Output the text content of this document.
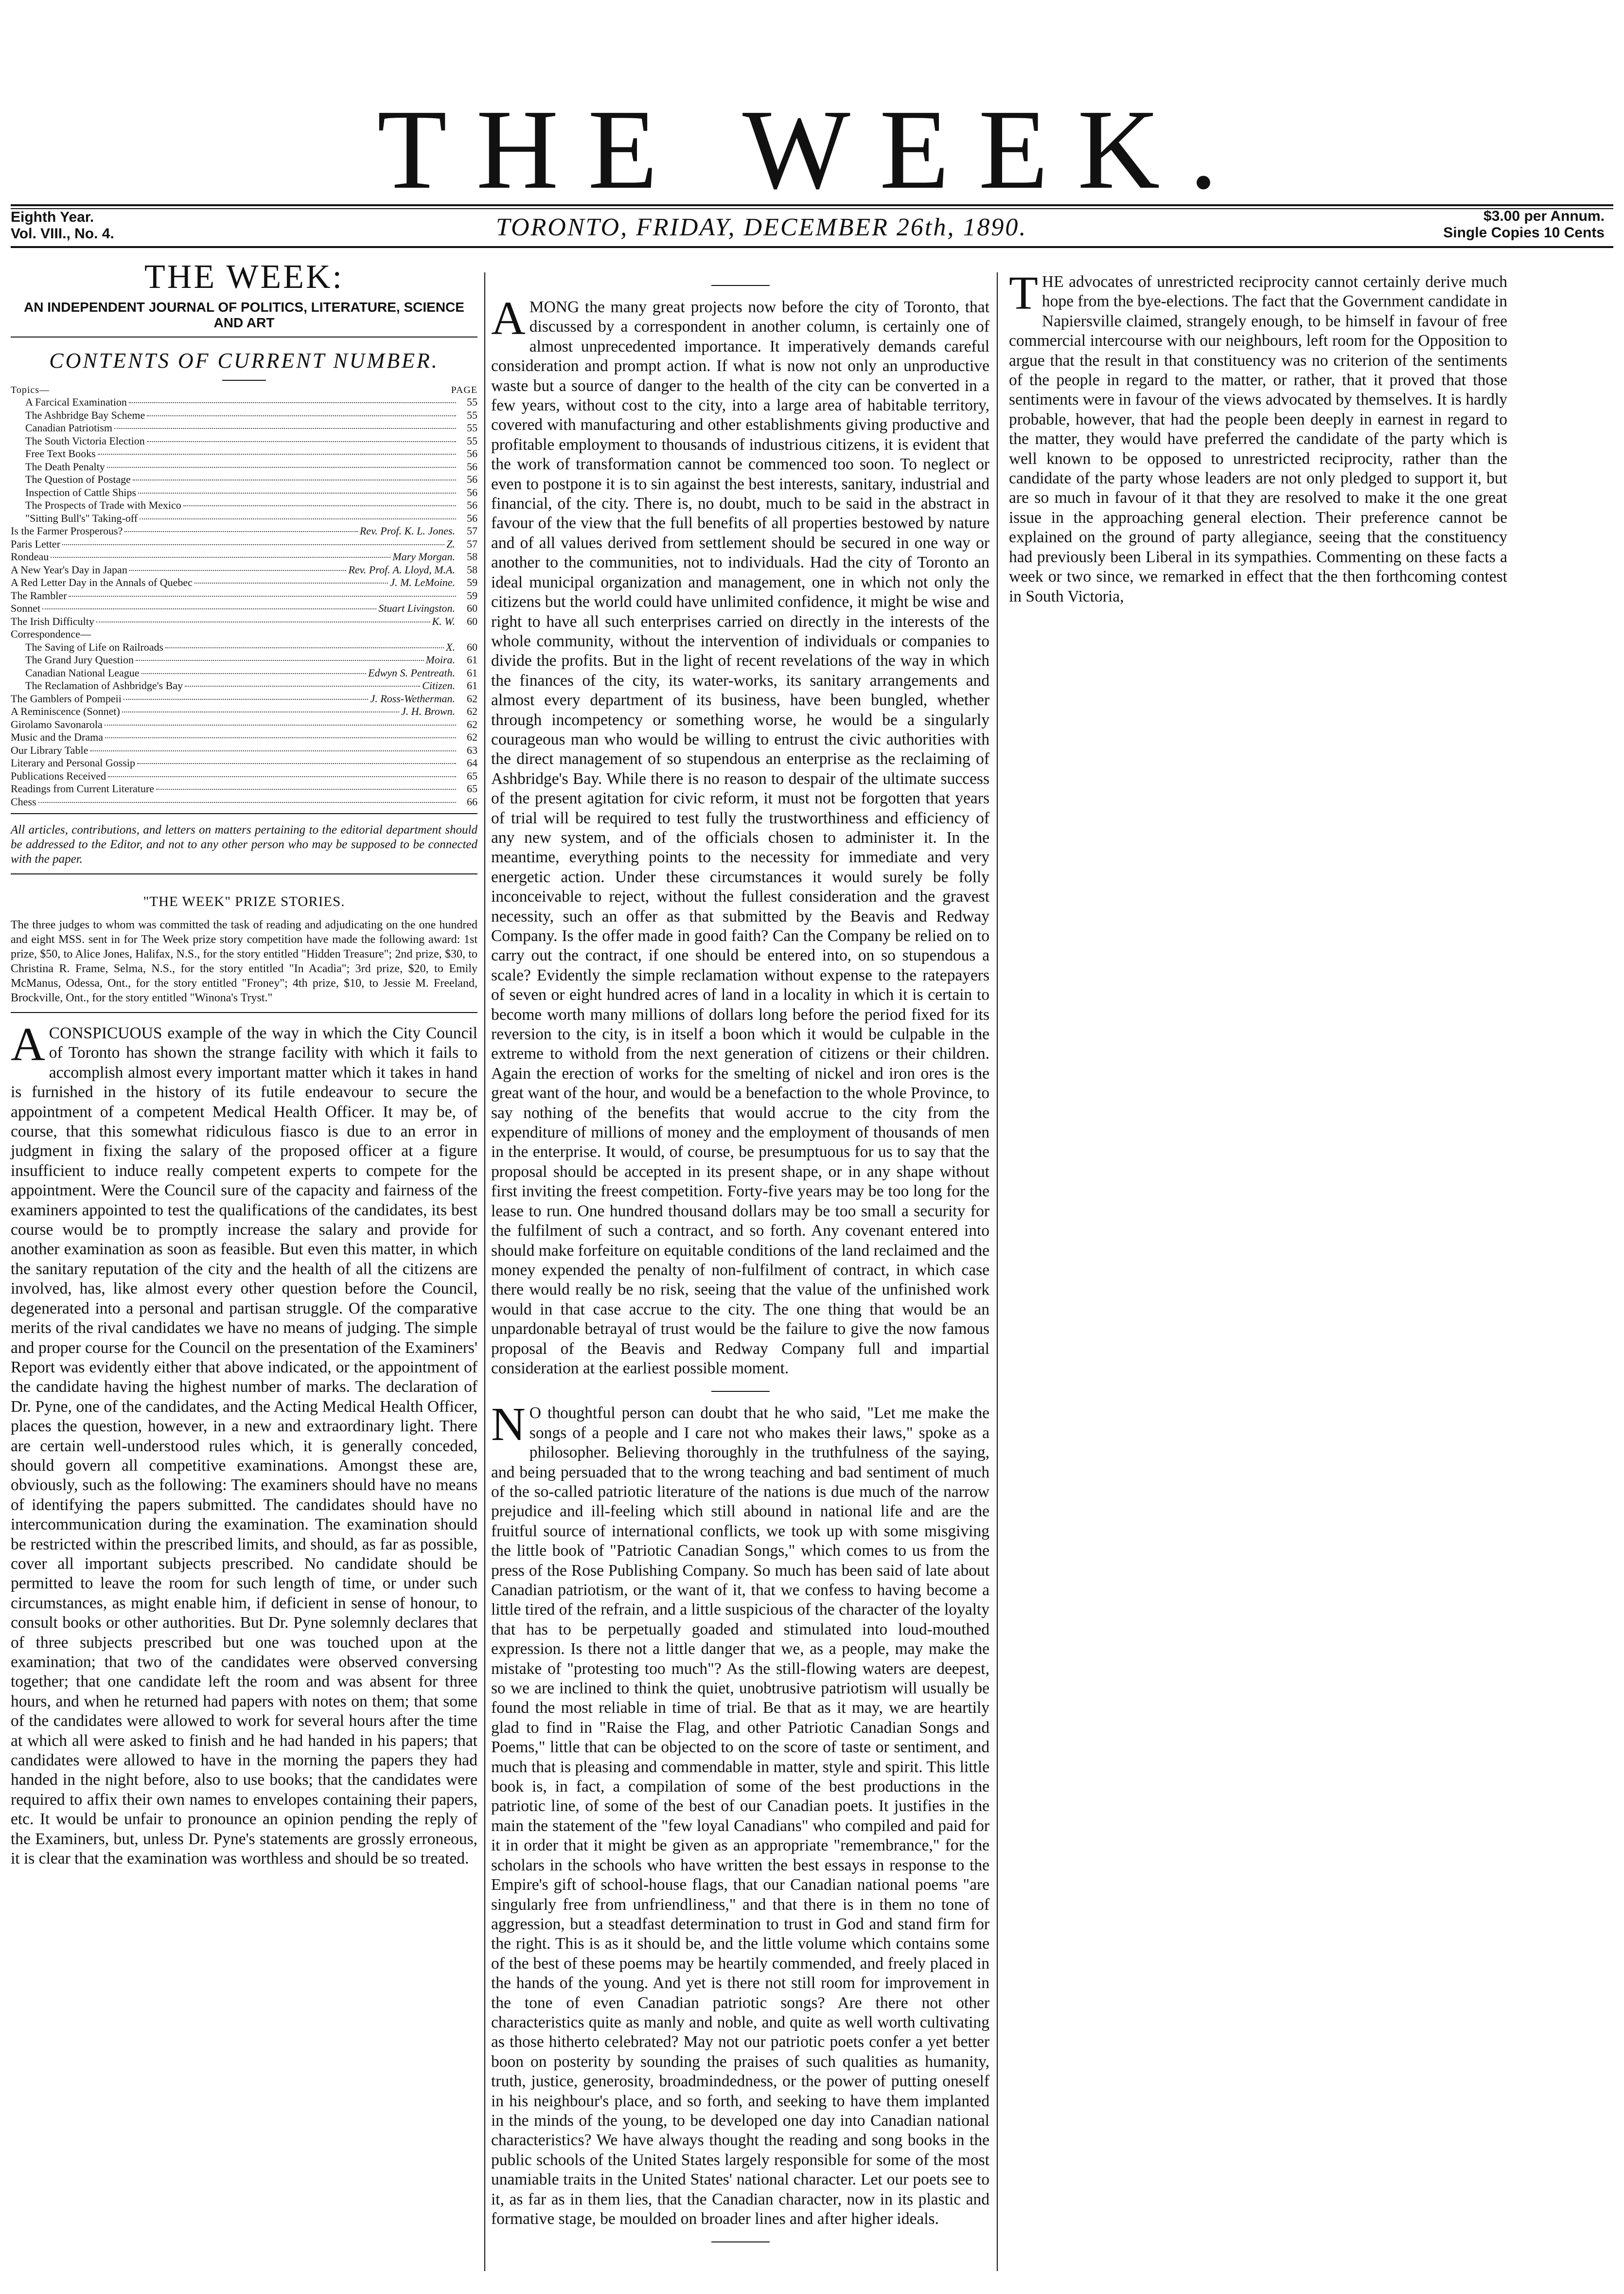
THE WEEK.
Eighth Year.
Vol. VIII., No. 4.	TORONTO, FRIDAY, DECEMBER 26th, 1890.	$3.00 per Annum.
Single Copies 10 Cents
THE WEEK:
AN INDEPENDENT JOURNAL OF POLITICS, LITERATURE, SCIENCE AND ART
CONTENTS OF CURRENT NUMBER.
Topics—	PAGE
A Farcical Examination	55
The Ashbridge Bay Scheme	55
Canadian Patriotism	55
The South Victoria Election	55
Free Text Books	56
The Death Penalty	56
The Question of Postage	56
Inspection of Cattle Ships	56
The Prospects of Trade with Mexico	56
"Sitting Bull's" Taking-off	56
Is the Farmer Prosperous?	Rev. Prof. K. L. Jones.	57
Paris Letter	Z.	57
Rondeau	Mary Morgan.	58
A New Year's Day in Japan	Rev. Prof. A. Lloyd, M.A.	58
A Red Letter Day in the Annals of Quebec	J. M. LeMoine.	59
The Rambler	59
Sonnet	Stuart Livingston.	60
The Irish Difficulty	K. W.	60
Correspondence—
The Saving of Life on Railroads	X.	60
The Grand Jury Question	Moira.	61
Canadian National League	Edwyn S. Pentreath.	61
The Reclamation of Ashbridge's Bay	Citizen.	61
The Gamblers of Pompeii	J. Ross-Wetherman.	62
A Reminiscence (Sonnet)	J. H. Brown.	62
Girolamo Savonarola	62
Music and the Drama	62
Our Library Table	63
Literary and Personal Gossip	64
Publications Received	65
Readings from Current Literature	65
Chess	66
All articles, contributions, and letters on matters pertaining to the editorial department should be addressed to the Editor, and not to any other person who may be supposed to be connected with the paper.
"THE WEEK" PRIZE STORIES.
The three judges to whom was committed the task of reading and adjudicating on the one hundred and eight MSS. sent in for The Week prize story competition have made the following award: 1st prize, $50, to Alice Jones, Halifax, N.S., for the story entitled "Hidden Treasure"; 2nd prize, $30, to Christina R. Frame, Selma, N.S., for the story entitled "In Acadia"; 3rd prize, $20, to Emily McManus, Odessa, Ont., for the story entitled "Froney"; 4th prize, $10, to Jessie M. Freeland, Brockville, Ont., for the story entitled "Winona's Tryst."
A CONSPICUOUS example of the way in which the City Council of Toronto has shown the strange facility with which it fails to accomplish almost every important matter which it takes in hand is furnished in the history of its futile endeavour to secure the appointment of a competent Medical Health Officer. It may be, of course, that this somewhat ridiculous fiasco is due to an error in judgment in fixing the salary of the proposed officer at a figure insufficient to induce really competent experts to compete for the appointment. Were the Council sure of the capacity and fairness of the examiners appointed to test the qualifications of the candidates, its best course would be to promptly increase the salary and provide for another examination as soon as feasible. But even this matter, in which the sanitary reputation of the city and the health of all the citizens are involved, has, like almost every other question before the Council, degenerated into a personal and partisan struggle. Of the comparative merits of the rival candidates we have no means of judging. The simple and proper course for the Council on the presentation of the Examiners' Report was evidently either that above indicated, or the appointment of the candidate having the highest number of marks. The declaration of Dr. Pyne, one of the candidates, and the Acting Medical Health Officer, places the question, however, in a new and extraordinary light. There are certain well-understood rules which, it is generally conceded, should govern all competitive examinations. Amongst these are, obviously, such as the following: The examiners should have no means of identifying the papers submitted. The candidates should have no intercommunication during the examination. The examination should be restricted within the prescribed limits, and should, as far as possible, cover all important subjects prescribed. No candidate should be permitted to leave the room for such length of time, or under such circumstances, as might enable him, if deficient in sense of honour, to consult books or other authorities. But Dr. Pyne solemnly declares that of three subjects prescribed but one was touched upon at the examination; that two of the candidates were observed conversing together; that one candidate left the room and was absent for three hours, and when he returned had papers with notes on them; that some of the candidates were allowed to work for several hours after the time at which all were asked to finish and he had handed in his papers; that candidates were allowed to have in the morning the papers they had handed in the night before, also to use books; that the candidates were required to affix their own names to envelopes containing their papers, etc. It would be unfair to pronounce an opinion pending the reply of the Examiners, but, unless Dr. Pyne's statements are grossly erroneous, it is clear that the examination was worthless and should be so treated.
A MONG the many great projects now before the city of Toronto, that discussed by a correspondent in another column, is certainly one of almost unprecedented importance. It imperatively demands careful consideration and prompt action. If what is now not only an unproductive waste but a source of danger to the health of the city can be converted in a few years, without cost to the city, into a large area of habitable territory, covered with manufacturing and other establishments giving productive and profitable employment to thousands of industrious citizens, it is evident that the work of transformation cannot be commenced too soon. To neglect or even to postpone it is to sin against the best interests, sanitary, industrial and financial, of the city. There is, no doubt, much to be said in the abstract in favour of the view that the full benefits of all properties bestowed by nature and of all values derived from settlement should be secured in one way or another to the communities, not to individuals. Had the city of Toronto an ideal municipal organization and management, one in which not only the citizens but the world could have unlimited confidence, it might be wise and right to have all such enterprises carried on directly in the interests of the whole community, without the intervention of individuals or companies to divide the profits. But in the light of recent revelations of the way in which the finances of the city, its water-works, its sanitary arrangements and almost every department of its business, have been bungled, whether through incompetency or something worse, he would be a singularly courageous man who would be willing to entrust the civic authorities with the direct management of so stupendous an enterprise as the reclaiming of Ashbridge's Bay. While there is no reason to despair of the ultimate success of the present agitation for civic reform, it must not be forgotten that years of trial will be required to test fully the trustworthiness and efficiency of any new system, and of the officials chosen to administer it. In the meantime, everything points to the necessity for immediate and very energetic action. Under these circumstances it would surely be folly inconceivable to reject, without the fullest consideration and the gravest necessity, such an offer as that submitted by the Beavis and Redway Company. Is the offer made in good faith? Can the Company be relied on to carry out the contract, if one should be entered into, on so stupendous a scale? Evidently the simple reclamation without expense to the ratepayers of seven or eight hundred acres of land in a locality in which it is certain to become worth many millions of dollars long before the period fixed for its reversion to the city, is in itself a boon which it would be culpable in the extreme to withold from the next generation of citizens or their children. Again the erection of works for the smelting of nickel and iron ores is the great want of the hour, and would be a benefaction to the whole Province, to say nothing of the benefits that would accrue to the city from the expenditure of millions of money and the employment of thousands of men in the enterprise. It would, of course, be presumptuous for us to say that the proposal should be accepted in its present shape, or in any shape without first inviting the freest competition. Forty-five years may be too long for the lease to run. One hundred thousand dollars may be too small a security for the fulfilment of such a contract, and so forth. Any covenant entered into should make forfeiture on equitable conditions of the land reclaimed and the money expended the penalty of non-fulfilment of contract, in which case there would really be no risk, seeing that the value of the unfinished work would in that case accrue to the city. The one thing that would be an unpardonable betrayal of trust would be the failure to give the now famous proposal of the Beavis and Redway Company full and impartial consideration at the earliest possible moment.
N O thoughtful person can doubt that he who said, "Let me make the songs of a people and I care not who makes their laws," spoke as a philosopher. Believing thoroughly in the truthfulness of the saying, and being persuaded that to the wrong teaching and bad sentiment of much of the so-called patriotic literature of the nations is due much of the narrow prejudice and ill-feeling which still abound in national life and are the fruitful source of international conflicts, we took up with some misgiving the little book of "Patriotic Canadian Songs," which comes to us from the press of the Rose Publishing Company. So much has been said of late about Canadian patriotism, or the want of it, that we confess to having become a little tired of the refrain, and a little suspicious of the character of the loyalty that has to be perpetually goaded and stimulated into loud-mouthed expression. Is there not a little danger that we, as a people, may make the mistake of "protesting too much"? As the still-flowing waters are deepest, so we are inclined to think the quiet, unobtrusive patriotism will usually be found the most reliable in time of trial. Be that as it may, we are heartily glad to find in "Raise the Flag, and other Patriotic Canadian Songs and Poems," little that can be objected to on the score of taste or sentiment, and much that is pleasing and commendable in matter, style and spirit. This little book is, in fact, a compilation of some of the best productions in the patriotic line, of some of the best of our Canadian poets. It justifies in the main the statement of the "few loyal Canadians" who compiled and paid for it in order that it might be given as an appropriate "remembrance," for the scholars in the schools who have written the best essays in response to the Empire's gift of school-house flags, that our Canadian national poems "are singularly free from unfriendliness," and that there is in them no tone of aggression, but a steadfast determination to trust in God and stand firm for the right. This is as it should be, and the little volume which contains some of the best of these poems may be heartily commended, and freely placed in the hands of the young. And yet is there not still room for improvement in the tone of even Canadian patriotic songs? Are there not other characteristics quite as manly and noble, and quite as well worth cultivating as those hitherto celebrated? May not our patriotic poets confer a yet better boon on posterity by sounding the praises of such qualities as humanity, truth, justice, generosity, broadmindedness, or the power of putting oneself in his neighbour's place, and so forth, and seeking to have them implanted in the minds of the young, to be developed one day into Canadian national characteristics? We have always thought the reading and song books in the public schools of the United States largely responsible for some of the most unamiable traits in the United States' national character. Let our poets see to it, as far as in them lies, that the Canadian character, now in its plastic and formative stage, be moulded on broader lines and after higher ideals.
T HE advocates of unrestricted reciprocity cannot certainly derive much hope from the bye-elections. The fact that the Government candidate in Napiersville claimed, strangely enough, to be himself in favour of free commercial intercourse with our neighbours, left room for the Opposition to argue that the result in that constituency was no criterion of the sentiments of the people in regard to the matter, or rather, that it proved that those sentiments were in favour of the views advocated by themselves. It is hardly probable, however, that had the people been deeply in earnest in regard to the matter, they would have preferred the candidate of the party which is well known to be opposed to unrestricted reciprocity, rather than the candidate of the party whose leaders are not only pledged to support it, but are so much in favour of it that they are resolved to make it the one great issue in the approaching general election. Their preference cannot be explained on the ground of party allegiance, seeing that the constituency had previously been Liberal in its sympathies. Commenting on these facts a week or two since, we remarked in effect that the then forthcoming contest in South Victoria,
